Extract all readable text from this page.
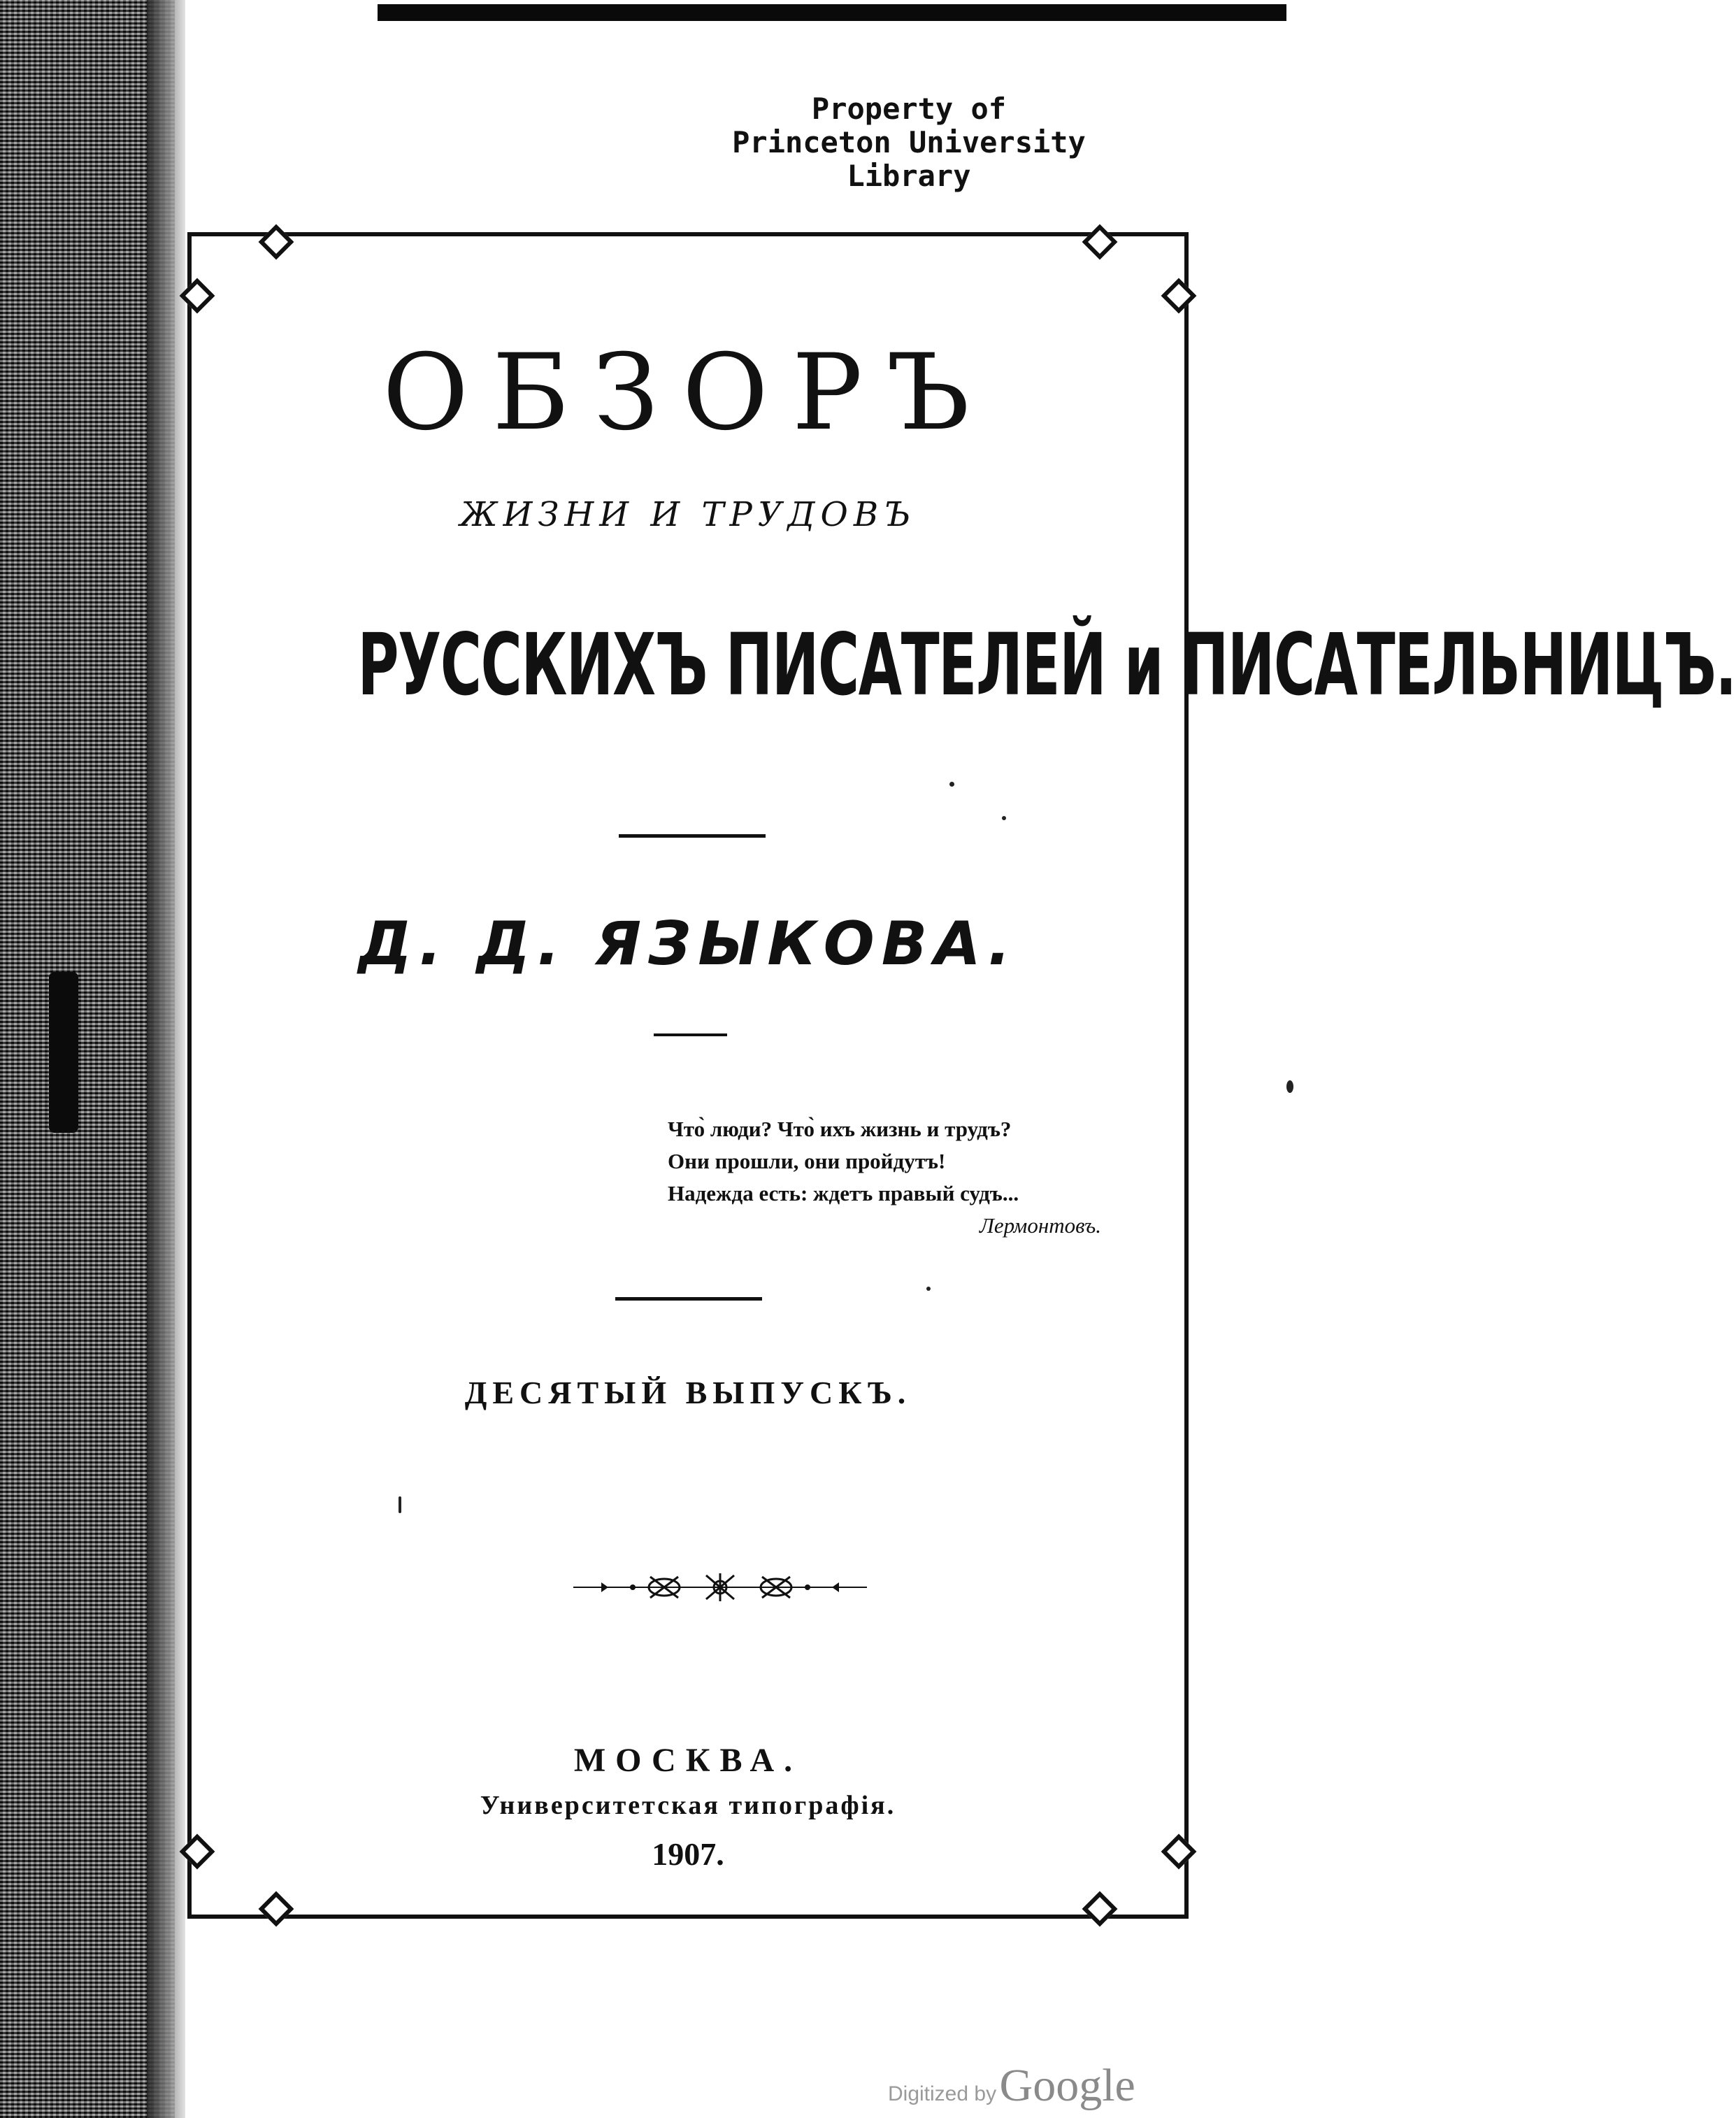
Property of
Princeton University
Library
ОБЗОРЪ
ЖИЗНИ И ТРУДОВЪ
РУССКИХЪ ПИСАТЕЛЕЙ и ПИСАТЕЛЬНИЦЪ.
Д. Д. ЯЗЫКОВА.
Что̀ люди? Что̀ ихъ жизнь и трудъ?
Они прошли, они пройдутъ!
Надежда есть: ждетъ правый судъ...
Лермонтовъ.
ДЕСЯТЫЙ ВЫПУСКЪ.
МОСКВА.
Университетская типографія.
1907.
Digitized by Google
